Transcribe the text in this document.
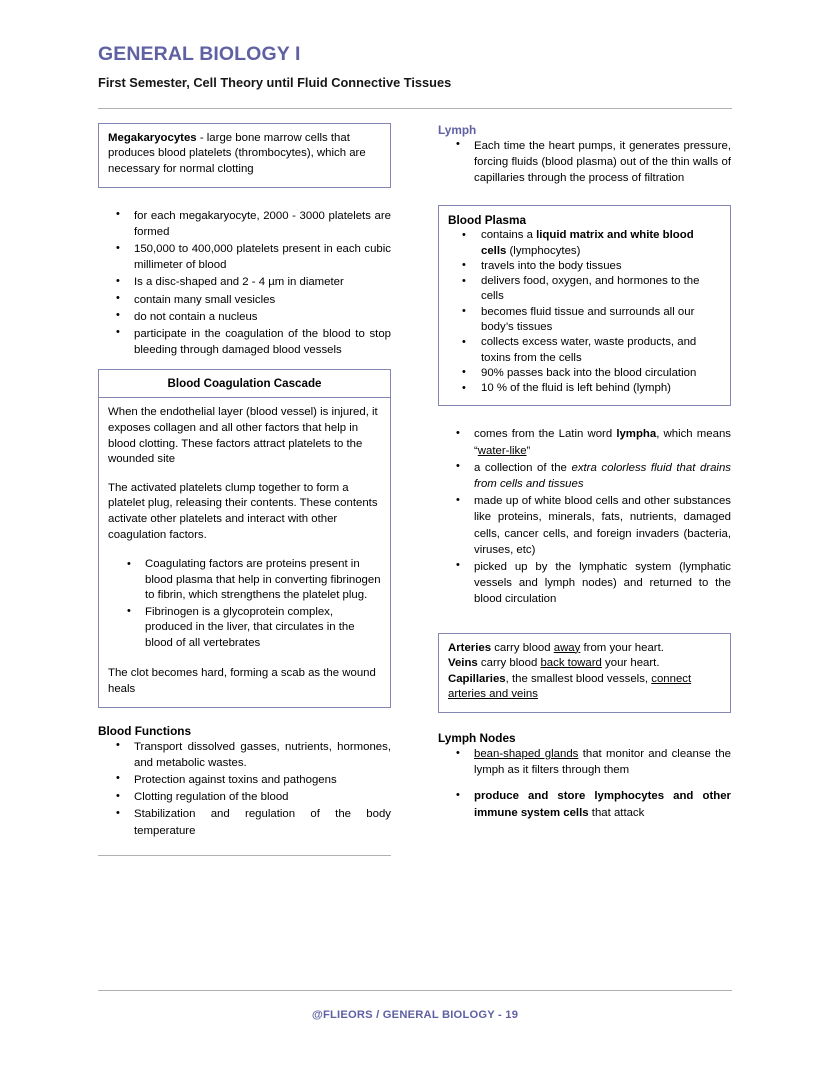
GENERAL BIOLOGY I
First Semester, Cell Theory until Fluid Connective Tissues

Megakaryocytes - large bone marrow cells that produces blood platelets (thrombocytes), which are necessary for normal clotting

• for each megakaryocyte, 2000 - 3000 platelets are formed
• 150,000 to 400,000 platelets present in each cubic millimeter of blood
• Is a disc-shaped and 2 - 4 µm in diameter
• contain many small vesicles
• do not contain a nucleus
• participate in the coagulation of the blood to stop bleeding through damaged blood vessels
Blood Coagulation Cascade

When the endothelial layer (blood vessel) is injured, it exposes collagen and all other factors that help in blood clotting. These factors attract platelets to the wounded site

The activated platelets clump together to form a platelet plug, releasing their contents. These contents activate other platelets and interact with other coagulation factors.

• Coagulating factors are proteins present in blood plasma that help in converting fibrinogen to fibrin, which strengthens the platelet plug.
• Fibrinogen is a glycoprotein complex, produced in the liver, that circulates in the blood of all vertebrates

The clot becomes hard, forming a scab as the wound heals

Blood Functions
• Transport dissolved gasses, nutrients, hormones, and metabolic wastes.
• Protection against toxins and pathogens
• Clotting regulation of the blood
• Stabilization and regulation of the body temperature
Lymph
• Each time the heart pumps, it generates pressure, forcing fluids (blood plasma) out of the thin walls of capillaries through the process of filtration
Blood Plasma
• contains a liquid matrix and white blood cells (lymphocytes)
• travels into the body tissues
• delivers food, oxygen, and hormones to the cells
• becomes fluid tissue and surrounds all our body’s tissues
• collects excess water, waste products, and toxins from the cells
• 90% passes back into the blood circulation
• 10 % of the fluid is left behind (lymph)
• comes from the Latin word lympha, which means “water-like”
• a collection of the extra colorless fluid that drains from cells and tissues
• made up of white blood cells and other substances like proteins, minerals, fats, nutrients, damaged cells, cancer cells, and foreign invaders (bacteria, viruses, etc)
• picked up by the lymphatic system (lymphatic vessels and lymph nodes) and returned to the blood circulation

Arteries carry blood away from your heart.
Veins carry blood back toward your heart.
Capillaries, the smallest blood vessels, connect arteries and veins

Lymph Nodes
• bean-shaped glands that monitor and cleanse the lymph as it filters through them
• produce and store lymphocytes and other immune system cells that attack
@FLIEORS / GENERAL BIOLOGY - 19
